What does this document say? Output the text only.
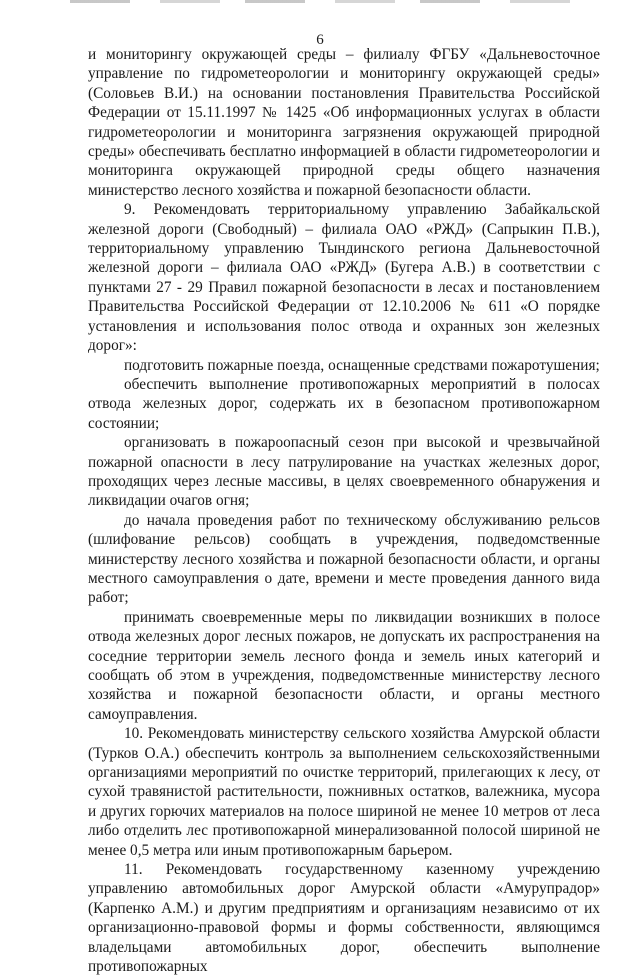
6

и мониторингу окружающей среды – филиалу ФГБУ «Дальневосточное управление по гидрометеорологии и мониторингу окружающей среды» (Соловьев В.И.) на основании постановления Правительства Российской Федерации от 15.11.1997 № 1425 «Об информационных услугах в области гидрометеорологии и мониторинга загрязнения окружающей природной среды» обеспечивать бесплатно информацией в области гидрометеорологии и мониторинга окружающей природной среды общего назначения министерство лесного хозяйства и пожарной безопасности области.

9. Рекомендовать территориальному управлению Забайкальской железной дороги (Свободный) – филиала ОАО «РЖД» (Сапрыкин П.В.), территориальному управлению Тындинского региона Дальневосточной железной дороги – филиала ОАО «РЖД» (Бугера А.В.) в соответствии с пунктами 27 - 29 Правил пожарной безопасности в лесах и постановлением Правительства Российской Федерации от 12.10.2006 № 611 «О порядке установления и использования полос отвода и охранных зон железных дорог»:

подготовить пожарные поезда, оснащенные средствами пожаротушения;

обеспечить выполнение противопожарных мероприятий в полосах отвода железных дорог, содержать их в безопасном противопожарном состоянии;

организовать в пожароопасный сезон при высокой и чрезвычайной пожарной опасности в лесу патрулирование на участках железных дорог, проходящих через лесные массивы, в целях своевременного обнаружения и ликвидации очагов огня;

до начала проведения работ по техническому обслуживанию рельсов (шлифование рельсов) сообщать в учреждения, подведомственные министерству лесного хозяйства и пожарной безопасности области, и органы местного самоуправления о дате, времени и месте проведения данного вида работ;

принимать своевременные меры по ликвидации возникших в полосе отвода железных дорог лесных пожаров, не допускать их распространения на соседние территории земель лесного фонда и земель иных категорий и сообщать об этом в учреждения, подведомственные министерству лесного хозяйства и пожарной безопасности области, и органы местного самоуправления.

10. Рекомендовать министерству сельского хозяйства Амурской области (Турков О.А.) обеспечить контроль за выполнением сельскохозяйственными организациями мероприятий по очистке территорий, прилегающих к лесу, от сухой травянистой растительности, пожнивных остатков, валежника, мусора и других горючих материалов на полосе шириной не менее 10 метров от леса либо отделить лес противопожарной минерализованной полосой шириной не менее 0,5 метра или иным противопожарным барьером.

11. Рекомендовать государственному казенному учреждению управлению автомобильных дорог Амурской области «Амурупрадор» (Карпенко А.М.) и другим предприятиям и организациям независимо от их организационно-правовой формы и формы собственности, являющимся владельцами автомобильных дорог, обеспечить выполнение противопожарных
